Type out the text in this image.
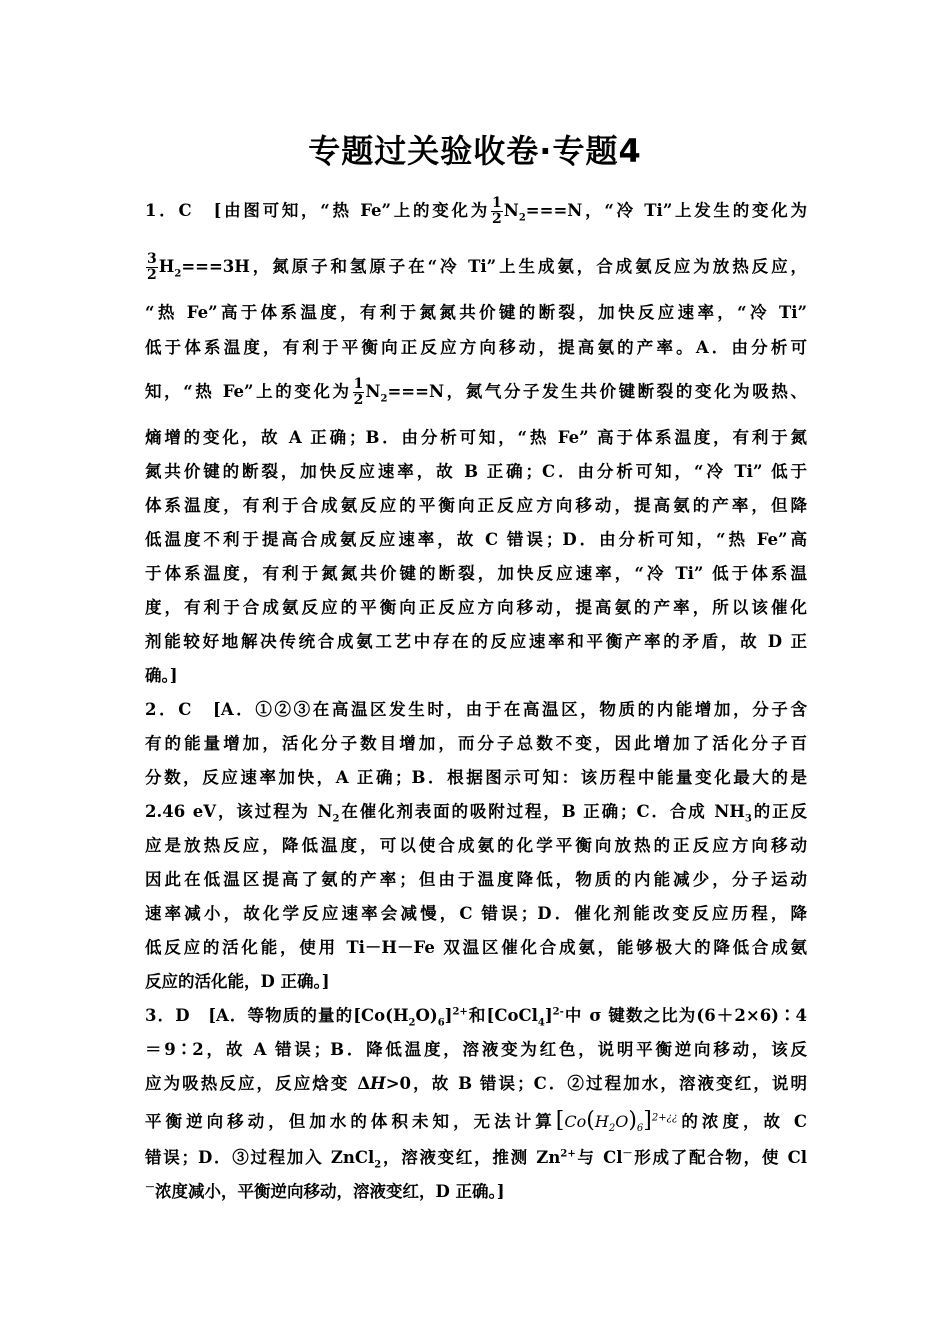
专题过关验收卷·专题4
1．C　[由图可知，“热 Fe”上的变化为 $\frac{1}{2} N_2===N$，“冷 Ti”上发生的变化为
$\frac{3}{2} H_2===3H$，氮原子和氢原子在“冷 Ti”上生成氨，合成氨反应为放热反应，
“热 Fe”高于体系温度，有利于氮氮共价键的断裂，加快反应速率，“冷 Ti”
低于体系温度，有利于平衡向正反应方向移动，提高氨的产率。A．由分析可
知，“热 Fe”上的变化为 $\frac{1}{2} N_2===N$，氮气分子发生共价键断裂的变化为吸热、
熵增的变化，故 A 正确；B．由分析可知，“热 Fe” 高于体系温度，有利于氮
氮共价键的断裂，加快反应速率，故 B 正确；C．由分析可知，“冷 Ti” 低于
体系温度，有利于合成氨反应的平衡向正反应方向移动，提高氨的产率，但降
低温度不利于提高合成氨反应速率，故 C 错误；D．由分析可知，“热 Fe”高
于体系温度，有利于氮氮共价键的断裂，加快反应速率，“冷 Ti” 低于体系温
度，有利于合成氨反应的平衡向正反应方向移动，提高氨的产率，所以该催化
剂能较好地解决传统合成氨工艺中存在的反应速率和平衡产率的矛盾，故 D 正
确。]
2．C　[A．①②③在高温区发生时，由于在高温区，物质的内能增加，分子含
有的能量增加，活化分子数目增加，而分子总数不变，因此增加了活化分子百
分数，反应速率加快，A 正确；B．根据图示可知：该历程中能量变化最大的是
2.46 eV，该过程为 $N_2$在催化剂表面的吸附过程，B 正确；C．合成 $NH_3$的正反
应是放热反应，降低温度，可以使合成氨的化学平衡向放热的正反应方向移动
因此在低温区提高了氨的产率；但由于温度降低，物质的内能减少，分子运动
速率减小，故化学反应速率会减慢，C 错误；D．催化剂能改变反应历程，降
低反应的活化能，使用 Ti－H－Fe 双温区催化合成氨，能够极大的降低合成氨
反应的活化能，D 正确。]
3．D　[A．等物质的量的$[Co(H_2O)_6]^{2+}$和[CoCl$_4$]$^{2-}$中 σ 键数之比为(6＋2×6)∶4
＝9∶2，故 A 错误；B．降低温度，溶液变为红色，说明平衡逆向移动，该反
应为吸热反应，反应焓变 ΔH>0，故 B 错误；C．②过程加水，溶液变红，说明
平衡逆向移动，但加水的体积未知，无法计算$[Co(H_2O)_6]^{2+¿¿}$的浓度，故 C
错误；D．③过程加入 ZnCl$_2$，溶液变红，推测 $Zn^{2+}$与 Cl－形成了配合物，使 Cl
－浓度减小，平衡逆向移动，溶液变红，D 正确。]
